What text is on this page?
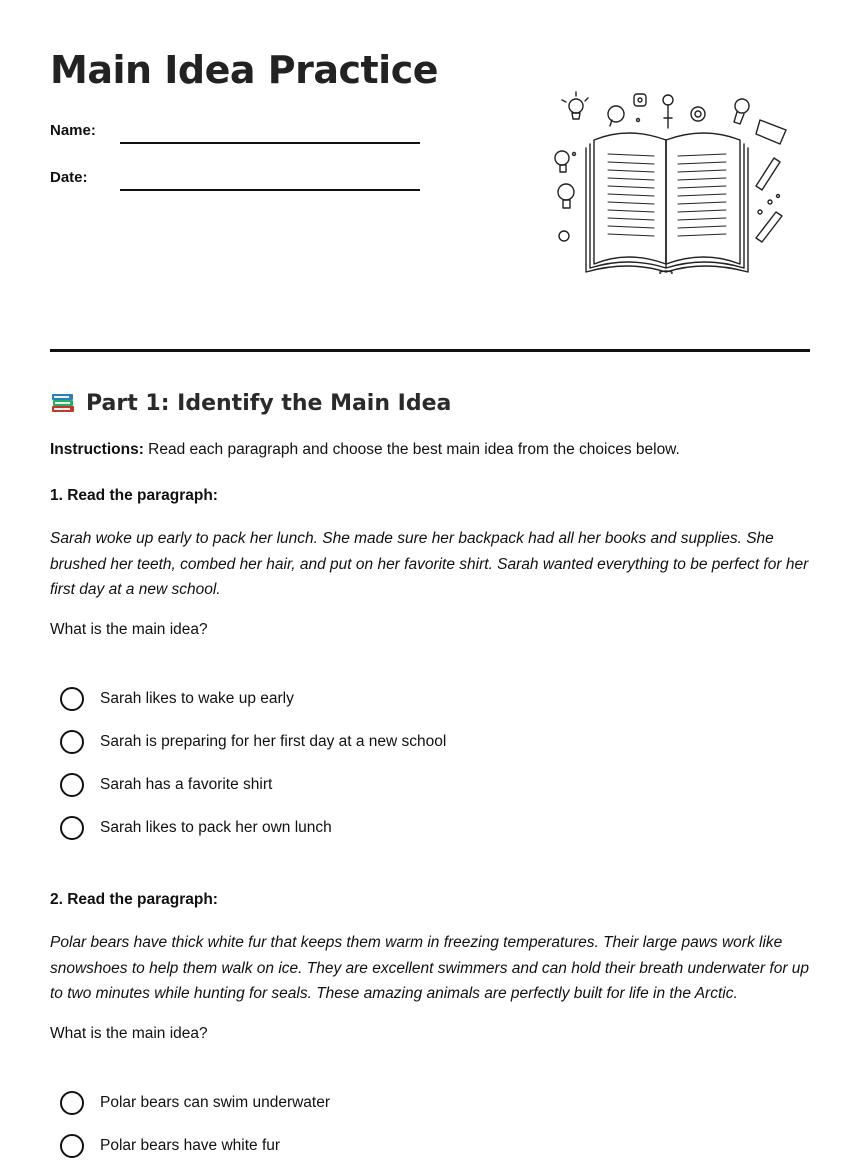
Main Idea Practice
Name:
Date:
Part 1: Identify the Main Idea
Instructions: Read each paragraph and choose the best main idea from the choices below.
1. Read the paragraph:

Sarah woke up early to pack her lunch. She made sure her backpack had all her books and supplies. She brushed her teeth, combed her hair, and put on her favorite shirt. Sarah wanted everything to be perfect for her first day at a new school.

What is the main idea?
Sarah likes to wake up early
Sarah is preparing for her first day at a new school
Sarah has a favorite shirt
Sarah likes to pack her own lunch
2. Read the paragraph:

Polar bears have thick white fur that keeps them warm in freezing temperatures. Their large paws work like snowshoes to help them walk on ice. They are excellent swimmers and can hold their breath underwater for up to two minutes while hunting for seals. These amazing animals are perfectly built for life in the Arctic.

What is the main idea?
Polar bears can swim underwater
Polar bears have white fur
